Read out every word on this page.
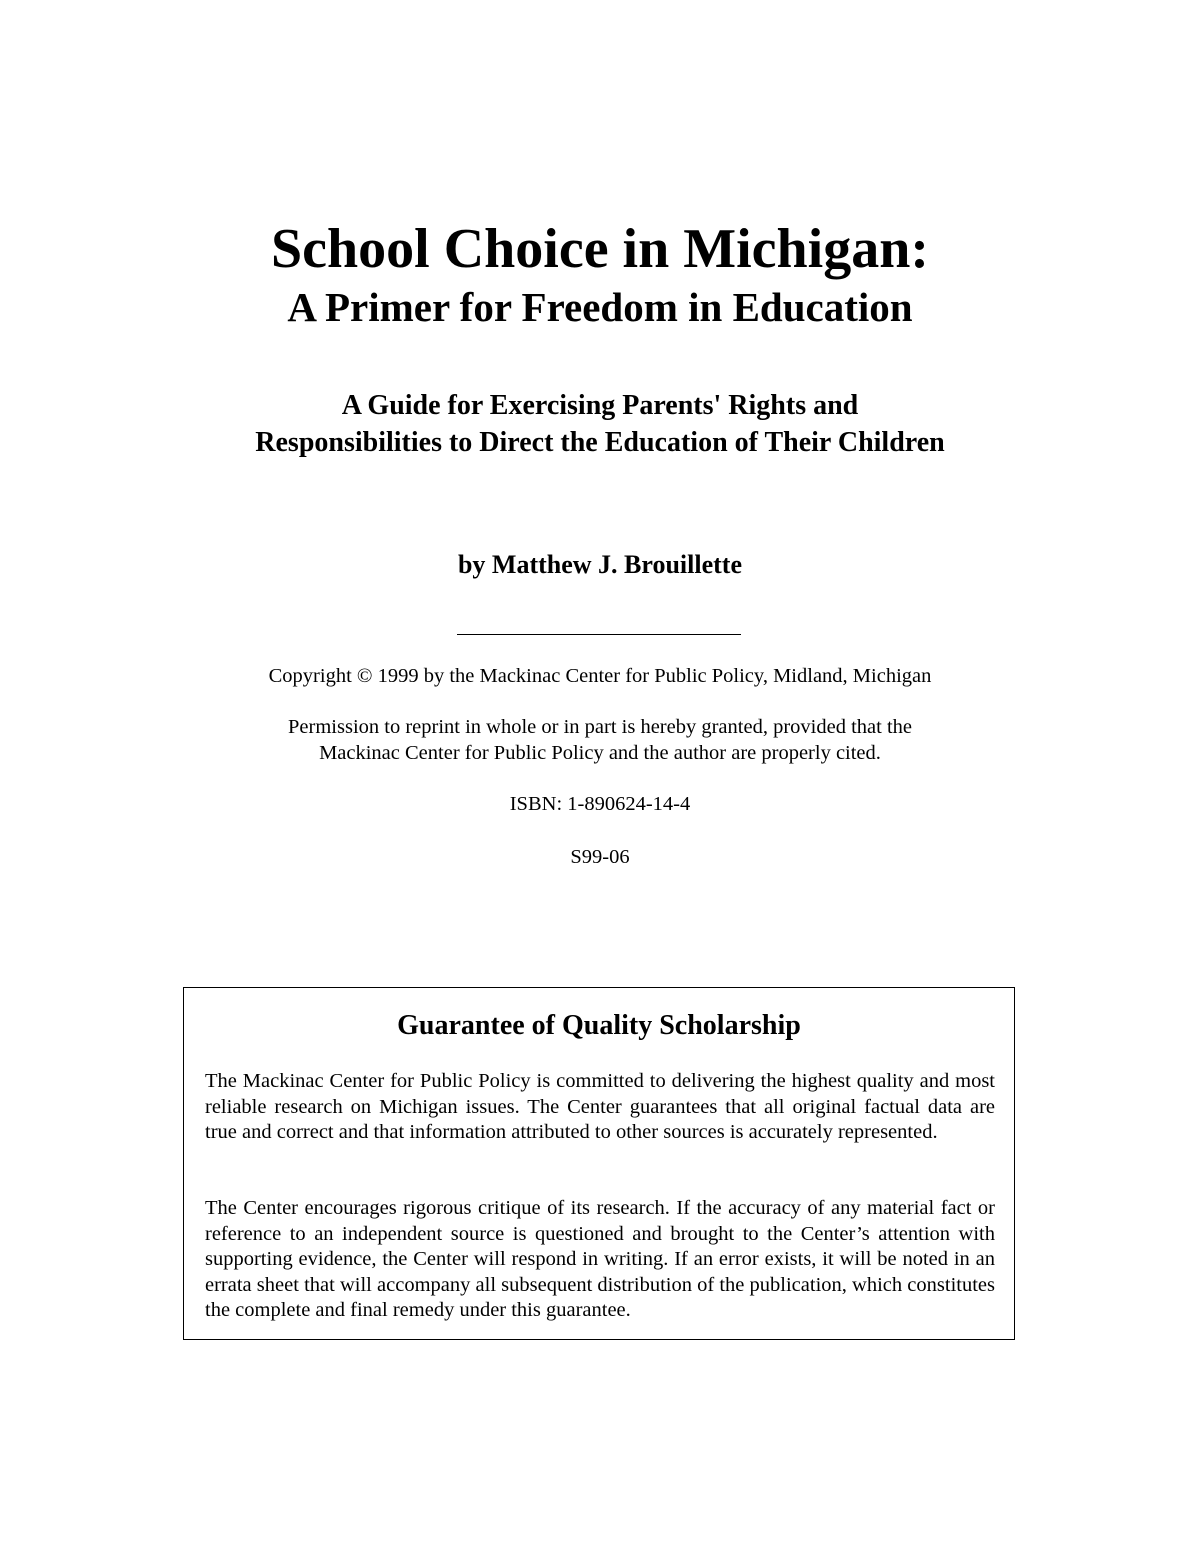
School Choice in Michigan:
A Primer for Freedom in Education
A Guide for Exercising Parents' Rights and
Responsibilities to Direct the Education of Their Children
by Matthew J. Brouillette
Copyright © 1999 by the Mackinac Center for Public Policy, Midland, Michigan
Permission to reprint in whole or in part is hereby granted, provided that the
Mackinac Center for Public Policy and the author are properly cited.
ISBN: 1-890624-14-4
S99-06
Guarantee of Quality Scholarship

The Mackinac Center for Public Policy is committed to delivering the highest quality and most reliable research on Michigan issues. The Center guarantees that all original factual data are true and correct and that information attributed to other sources is accurately represented.

The Center encourages rigorous critique of its research. If the accuracy of any material fact or reference to an independent source is questioned and brought to the Center’s attention with supporting evidence, the Center will respond in writing. If an error exists, it will be noted in an errata sheet that will accompany all subsequent distribution of the publication, which constitutes the complete and final remedy under this guarantee.
